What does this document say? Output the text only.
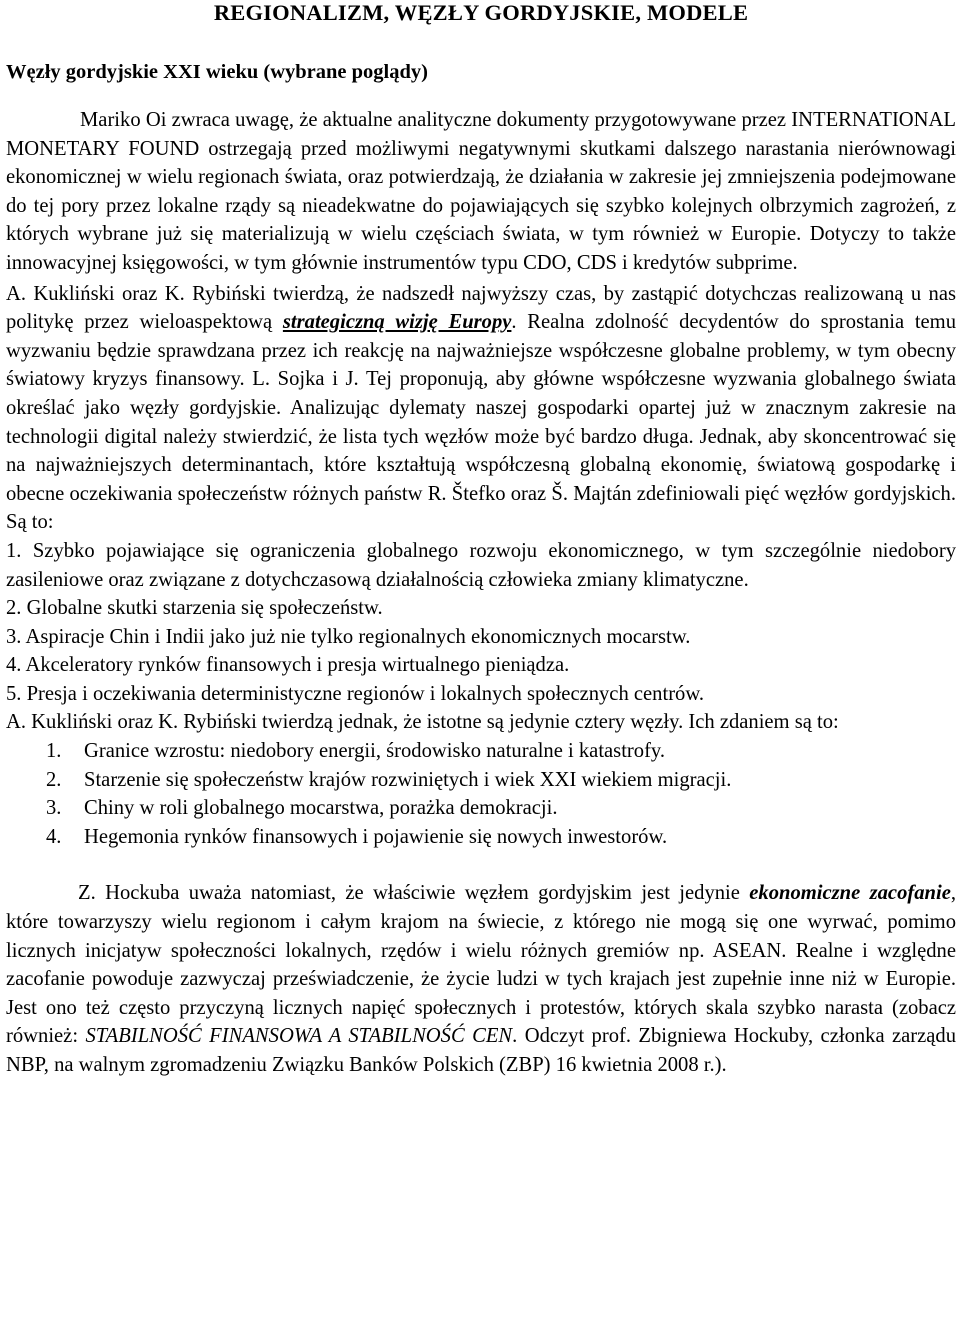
REGIONALIZM, WĘZŁY GORDYJSKIE, MODELE
Węzły gordyjskie XXI wieku (wybrane poglądy)

Mariko Oi zwraca uwagę, że aktualne analityczne dokumenty przygotowywane przez INTERNATIONAL MONETARY FOUND ostrzegają przed możliwymi negatywnymi skutkami dalszego narastania nierównowagi ekonomicznej w wielu regionach świata, oraz potwierdzają, że działania w zakresie jej zmniejszenia podejmowane do tej pory przez lokalne rządy są nieadekwatne do pojawiających się szybko kolejnych olbrzymich zagrożeń, z których wybrane już się materializują w wielu częściach świata, w tym również w Europie. Dotyczy to także innowacyjnej księgowości, w tym głównie instrumentów typu CDO, CDS i kredytów subprime.

A. Kukliński oraz K. Rybiński twierdzą, że nadszedł najwyższy czas, by zastąpić dotychczas realizowaną u nas politykę przez wieloaspektową strategiczną wizję Europy. Realna zdolność decydentów do sprostania temu wyzwaniu będzie sprawdzana przez ich reakcję na najważniejsze współczesne globalne problemy, w tym obecny światowy kryzys finansowy. L. Sojka i J. Tej proponują, aby główne współczesne wyzwania globalnego świata określać jako węzły gordyjskie. Analizując dylematy naszej gospodarki opartej już w znacznym zakresie na technologii digital należy stwierdzić, że lista tych węzłów może być bardzo długa. Jednak, aby skoncentrować się na najważniejszych determinantach, które kształtują współczesną globalną ekonomię, światową gospodarkę i obecne oczekiwania społeczeństw różnych państw R. Štefko oraz Š. Majtán zdefiniowali pięć węzłów gordyjskich. Są to:

1. Szybko pojawiające się ograniczenia globalnego rozwoju ekonomicznego, w tym szczególnie niedobory zasileniowe oraz związane z dotychczasową działalnością człowieka zmiany klimatyczne.

2. Globalne skutki starzenia się społeczeństw.

3. Aspiracje Chin i Indii jako już nie tylko regionalnych ekonomicznych mocarstw.

4. Akceleratory rynków finansowych i presja wirtualnego pieniądza.

5. Presja i oczekiwania deterministyczne regionów i lokalnych społecznych centrów.

A. Kukliński oraz K. Rybiński twierdzą jednak, że istotne są jedynie cztery węzły. Ich zdaniem są to:

1.	Granice wzrostu: niedobory energii, środowisko naturalne i katastrofy.
2.	Starzenie się społeczeństw krajów rozwiniętych i wiek XXI wiekiem migracji.
3.	Chiny w roli globalnego mocarstwa, porażka demokracji.
4.	Hegemonia rynków finansowych i pojawienie się nowych inwestorów.

Z. Hockuba uważa natomiast, że właściwie węzłem gordyjskim jest jedynie ekonomiczne zacofanie, które towarzyszy wielu regionom i całym krajom na świecie, z którego nie mogą się one wyrwać, pomimo licznych inicjatyw społeczności lokalnych, rzędów i wielu różnych gremiów np. ASEAN. Realne i względne zacofanie powoduje zazwyczaj przeświadczenie, że życie ludzi w tych krajach jest zupełnie inne niż w Europie. Jest ono też często przyczyną licznych napięć społecznych i protestów, których skala szybko narasta (zobacz również: STABILNOŚĆ FINANSOWA A STABILNOŚĆ CEN. Odczyt prof. Zbigniewa Hockuby, członka zarządu NBP, na walnym zgromadzeniu Związku Banków Polskich (ZBP) 16 kwietnia 2008 r.).
